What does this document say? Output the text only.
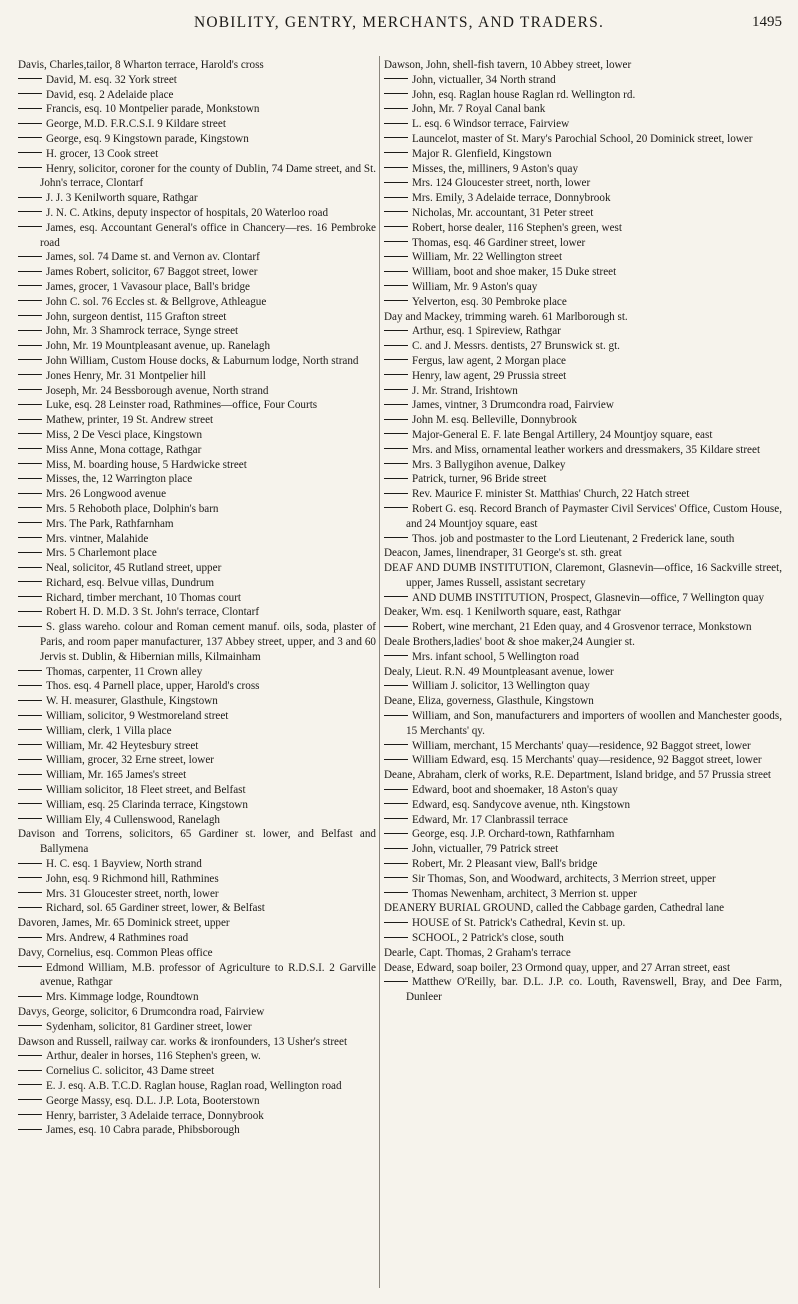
NOBILITY, GENTRY, MERCHANTS, AND TRADERS.	1495
Davis, Charles,tailor, 8 Wharton terrace, Harold's cross
David, M. esq. 32 York street
David, esq. 2 Adelaide place
Francis, esq. 10 Montpelier parade, Monkstown
George, M.D. F.R.C.S.I. 9 Kildare street
George, esq. 9 Kingstown parade, Kingstown
H. grocer, 13 Cook street
Henry, solicitor, coroner for the county of Dublin, 74 Dame street, and St. John's terrace, Clontarf
J. J. 3 Kenilworth square, Rathgar
J. N. C. Atkins, deputy inspector of hospitals, 20 Waterloo road
James, esq. Accountant General's office in Chancery—res. 16 Pembroke road
James, sol. 74 Dame st. and Vernon av. Clontarf
James Robert, solicitor, 67 Baggot street, lower
James, grocer, 1 Vavasour place, Ball's bridge
John C. sol. 76 Eccles st. & Bellgrove, Athleague
John, surgeon dentist, 115 Grafton street
John, Mr. 3 Shamrock terrace, Synge street
John, Mr. 19 Mountpleasant avenue, up. Ranelagh
John William, Custom House docks, & Laburnum lodge, North strand
Jones Henry, Mr. 31 Montpelier hill
Joseph, Mr. 24 Bessborough avenue, North strand
Luke, esq. 28 Leinster road, Rathmines—office, Four Courts
Mathew, printer, 19 St. Andrew street
Miss, 2 De Vesci place, Kingstown
Miss Anne, Mona cottage, Rathgar
Miss, M. boarding house, 5 Hardwicke street
Misses, the, 12 Warrington place
Mrs. 26 Longwood avenue
Mrs. 5 Rehoboth place, Dolphin's barn
Mrs. The Park, Rathfarnham
Mrs. vintner, Malahide
Mrs. 5 Charlemont place
Neal, solicitor, 45 Rutland street, upper
Richard, esq. Belvue villas, Dundrum
Richard, timber merchant, 10 Thomas court
Robert H. D. M.D. 3 St. John's terrace, Clontarf
S. glass wareho. colour and Roman cement manuf. oils, soda, plaster of Paris, and room paper manufacturer, 137 Abbey street, upper, and 3 and 60 Jervis st. Dublin, & Hibernian mills, Kilmainham
Thomas, carpenter, 11 Crown alley
Thos. esq. 4 Parnell place, upper, Harold's cross
W. H. measurer, Glasthule, Kingstown
William, solicitor, 9 Westmoreland street
William, clerk, 1 Villa place
William, Mr. 42 Heytesbury street
William, grocer, 32 Erne street, lower
William, Mr. 165 James's street
William solicitor, 18 Fleet street, and Belfast
William, esq. 25 Clarinda terrace, Kingstown
William Ely, 4 Cullenswood, Ranelagh
Davison and Torrens, solicitors, 65 Gardiner st. lower, and Belfast and Ballymena
H. C. esq. 1 Bayview, North strand
John, esq. 9 Richmond hill, Rathmines
Mrs. 31 Gloucester street, north, lower
Richard, sol. 65 Gardiner street, lower, & Belfast
Davoren, James, Mr. 65 Dominick street, upper
Mrs. Andrew, 4 Rathmines road
Davy, Cornelius, esq. Common Pleas office
Edmond William, M.B. professor of Agriculture to R.D.S.I. 2 Garville avenue, Rathgar
Mrs. Kimmage lodge, Roundtown
Davys, George, solicitor, 6 Drumcondra road, Fairview
Sydenham, solicitor, 81 Gardiner street, lower
Dawson and Russell, railway car. works & ironfounders, 13 Usher's street
Arthur, dealer in horses, 116 Stephen's green, w.
Cornelius C. solicitor, 43 Dame street
E. J. esq. A.B. T.C.D. Raglan house, Raglan road, Wellington road
George Massy, esq. D.L. J.P. Lota, Booterstown
Henry, barrister, 3 Adelaide terrace, Donnybrook
James, esq. 10 Cabra parade, Phibsborough
Dawson, John, shell-fish tavern, 10 Abbey street, lower
John, victualler, 34 North strand
John, esq. Raglan house Raglan rd. Wellington rd.
John, Mr. 7 Royal Canal bank
L. esq. 6 Windsor terrace, Fairview
Launcelot, master of St. Mary's Parochial School, 20 Dominick street, lower
Major R. Glenfield, Kingstown
Misses, the, milliners, 9 Aston's quay
Mrs. 124 Gloucester street, north, lower
Mrs. Emily, 3 Adelaide terrace, Donnybrook
Nicholas, Mr. accountant, 31 Peter street
Robert, horse dealer, 116 Stephen's green, west
Thomas, esq. 46 Gardiner street, lower
William, Mr. 22 Wellington street
William, boot and shoe maker, 15 Duke street
William, Mr. 9 Aston's quay
Yelverton, esq. 30 Pembroke place
Day and Mackey, trimming wareh. 61 Marlborough st.
Arthur, esq. 1 Spireview, Rathgar
C. and J. Messrs. dentists, 27 Brunswick st. gt.
Fergus, law agent, 2 Morgan place
Henry, law agent, 29 Prussia street
J. Mr. Strand, Irishtown
James, vintner, 3 Drumcondra road, Fairview
John M. esq. Belleville, Donnybrook
Major-General E. F. late Bengal Artillery, 24 Mountjoy square, east
Mrs. and Miss, ornamental leather workers and dressmakers, 35 Kildare street
Mrs. 3 Ballygihon avenue, Dalkey
Patrick, turner, 96 Bride street
Rev. Maurice F. minister St. Matthias' Church, 22 Hatch street
Robert G. esq. Record Branch of Paymaster Civil Services' Office, Custom House, and 24 Mountjoy square, east
Thos. job and postmaster to the Lord Lieutenant, 2 Frederick lane, south
Deacon, James, linendraper, 31 George's st. sth. great
DEAF AND DUMB INSTITUTION, Claremont, Glasnevin—office, 16 Sackville street, upper, James Russell, assistant secretary
AND DUMB INSTITUTION, Prospect, Glasnevin—office, 7 Wellington quay
Deaker, Wm. esq. 1 Kenilworth square, east, Rathgar
Robert, wine merchant, 21 Eden quay, and 4 Grosvenor terrace, Monkstown
Deale Brothers,ladies' boot & shoe maker,24 Aungier st.
Mrs. infant school, 5 Wellington road
Dealy, Lieut. R.N. 49 Mountpleasant avenue, lower
William J. solicitor, 13 Wellington quay
Deane, Eliza, governess, Glasthule, Kingstown
William, and Son, manufacturers and importers of woollen and Manchester goods, 15 Merchants' qy.
William, merchant, 15 Merchants' quay—residence, 92 Baggot street, lower
William Edward, esq. 15 Merchants' quay—residence, 92 Baggot street, lower
Deane, Abraham, clerk of works, R.E. Department, Island bridge, and 57 Prussia street
Edward, boot and shoemaker, 18 Aston's quay
Edward, esq. Sandycove avenue, nth. Kingstown
Edward, Mr. 17 Clanbrassil terrace
George, esq. J.P. Orchard-town, Rathfarnham
John, victualler, 79 Patrick street
Robert, Mr. 2 Pleasant view, Ball's bridge
Sir Thomas, Son, and Woodward, architects, 3 Merrion street, upper
Thomas Newenham, architect, 3 Merrion st. upper
DEANERY BURIAL GROUND, called the Cabbage garden, Cathedral lane
HOUSE of St. Patrick's Cathedral, Kevin st. up.
SCHOOL, 2 Patrick's close, south
Dearle, Capt. Thomas, 2 Graham's terrace
Dease, Edward, soap boiler, 23 Ormond quay, upper, and 27 Arran street, east
Matthew O'Reilly, bar. D.L. J.P. co. Louth, Ravenswell, Bray, and Dee Farm, Dunleer
